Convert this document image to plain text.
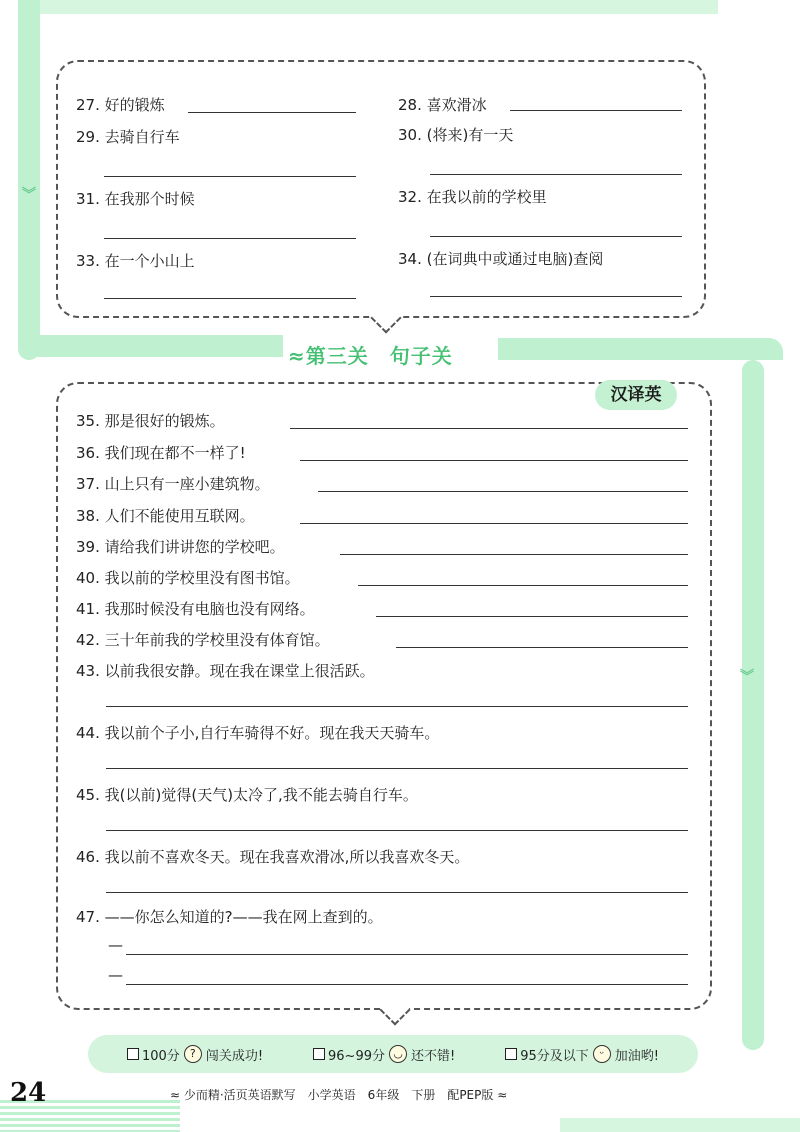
︾
︾
27. 好的锻炼	28. 喜欢滑冰
29. 去骑自行车	30. (将来)有一天
31. 在我那个时候	32. 在我以前的学校里
33. 在一个小山上	34. (在词典中或通过电脑)查阅
≈第三关　句子关
汉译英
35. 那是很好的锻炼。
36. 我们现在都不一样了!
37. 山上只有一座小建筑物。
38. 人们不能使用互联网。
39. 请给我们讲讲您的学校吧。
40. 我以前的学校里没有图书馆。
41. 我那时候没有电脑也没有网络。
42. 三十年前我的学校里没有体育馆。
43. 以前我很安静。现在我在课堂上很活跃。
44. 我以前个子小,自行车骑得不好。现在我天天骑车。
45. 我(以前)觉得(天气)太冷了,我不能去骑自行车。
46. 我以前不喜欢冬天。现在我喜欢滑冰,所以我喜欢冬天。
47. ——你怎么知道的?——我在网上查到的。
—
—
100分 ? 闯关成功!	96~99分 ◡ 还不错!	95分及以下 ᵕ 加油哟!
24	≈ 少而精·活页英语默写　小学英语　6年级　下册　配PEP版 ≈
